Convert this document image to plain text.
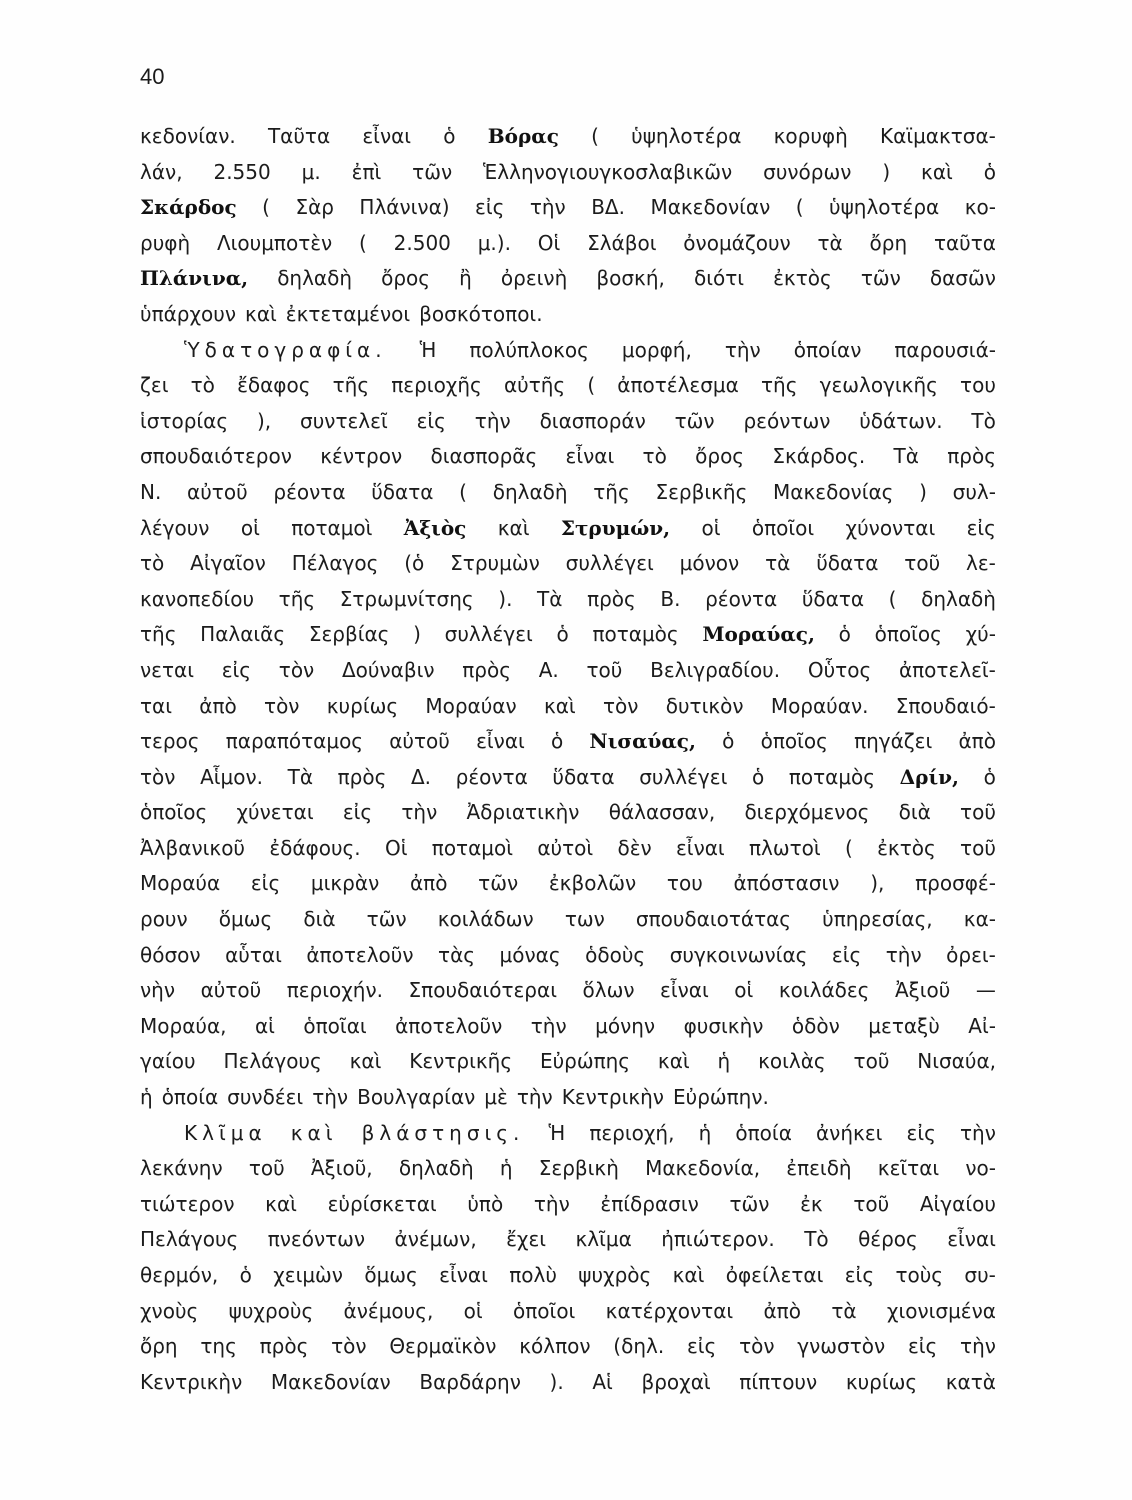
40
κεδονίαν. Ταῦτα εἶναι ὁ Βόρας ( ὑψηλοτέρα κορυφὴ Καϊμακτσα-
λάν, 2.550 μ. ἐπὶ τῶν Ἑλληνογιουγκοσλαβικῶν συνόρων ) καὶ ὁ
Σκάρδος ( Σὰρ Πλάνινα) εἰς τὴν ΒΔ. Μακεδονίαν ( ὑψηλοτέρα κο-
ρυφὴ Λιουμποτὲν ( 2.500 μ.). Οἱ Σλάβοι ὀνομάζουν τὰ ὄρη ταῦτα
Πλάνινα, δηλαδὴ ὄρος ἢ ὀρεινὴ βοσκή, διότι ἐκτὸς τῶν δασῶν
ὑπάρχουν καὶ ἐκτεταμένοι βοσκότοποι.
Ὑδατογραφία. Ἡ πολύπλοκος μορφή, τὴν ὁποίαν παρουσιά-
ζει τὸ ἔδαφος τῆς περιοχῆς αὐτῆς ( ἀποτέλεσμα τῆς γεωλογικῆς του
ἱστορίας ), συντελεῖ εἰς τὴν διασποράν τῶν ρεόντων ὑδάτων. Τὸ
σπουδαιότερον κέντρον διασπορᾶς εἶναι τὸ ὄρος Σκάρδος. Τὰ πρὸς
Ν. αὐτοῦ ρέοντα ὕδατα ( δηλαδὴ τῆς Σερβικῆς Μακεδονίας ) συλ-
λέγουν οἱ ποταμοὶ Ἀξιὸς καὶ Στρυμών, οἱ ὁποῖοι χύνονται εἰς
τὸ Αἰγαῖον Πέλαγος (ὁ Στρυμὼν συλλέγει μόνον τὰ ὕδατα τοῦ λε-
κανοπεδίου τῆς Στρωμνίτσης ). Τὰ πρὸς Β. ρέοντα ὕδατα ( δηλαδὴ
τῆς Παλαιᾶς Σερβίας ) συλλέγει ὁ ποταμὸς Μοραύας, ὁ ὁποῖος χύ-
νεται εἰς τὸν Δούναβιν πρὸς Α. τοῦ Βελιγραδίου. Οὗτος ἀποτελεῖ-
ται ἀπὸ τὸν κυρίως Μοραύαν καὶ τὸν δυτικὸν Μοραύαν. Σπουδαιό-
τερος παραπόταμος αὐτοῦ εἶναι ὁ Νισαύας, ὁ ὁποῖος πηγάζει ἀπὸ
τὸν Αἷμον. Τὰ πρὸς Δ. ρέοντα ὕδατα συλλέγει ὁ ποταμὸς Δρίν, ὁ
ὁποῖος χύνεται εἰς τὴν Ἀδριατικὴν θάλασσαν, διερχόμενος διὰ τοῦ
Ἀλβανικοῦ ἐδάφους. Οἱ ποταμοὶ αὐτοὶ δὲν εἶναι πλωτοὶ ( ἐκτὸς τοῦ
Μοραύα εἰς μικρὰν ἀπὸ τῶν ἐκβολῶν του ἀπόστασιν ), προσφέ-
ρουν ὅμως διὰ τῶν κοιλάδων των σπουδαιοτάτας ὑπηρεσίας, κα-
θόσον αὗται ἀποτελοῦν τὰς μόνας ὁδοὺς συγκοινωνίας εἰς τὴν ὀρει-
νὴν αὐτοῦ περιοχήν. Σπουδαιότεραι ὅλων εἶναι οἱ κοιλάδες Ἀξιοῦ —
Μοραύα, αἱ ὁποῖαι ἀποτελοῦν τὴν μόνην φυσικὴν ὁδὸν μεταξὺ Αἰ-
γαίου Πελάγους καὶ Κεντρικῆς Εὐρώπης καὶ ἡ κοιλὰς τοῦ Νισαύα,
ἡ ὁποία συνδέει τὴν Βουλγαρίαν μὲ τὴν Κεντρικὴν Εὐρώπην.
Κλῖμα καὶ βλάστησις. Ἡ περιοχή, ἡ ὁποία ἀνήκει εἰς τὴν
λεκάνην τοῦ Ἀξιοῦ, δηλαδὴ ἡ Σερβικὴ Μακεδονία, ἐπειδὴ κεῖται νο-
τιώτερον καὶ εὑρίσκεται ὑπὸ τὴν ἐπίδρασιν τῶν ἐκ τοῦ Αἰγαίου
Πελάγους πνεόντων ἀνέμων, ἔχει κλῖμα ἠπιώτερον. Τὸ θέρος εἶναι
θερμόν, ὁ χειμὼν ὅμως εἶναι πολὺ ψυχρὸς καὶ ὀφείλεται εἰς τοὺς συ-
χνοὺς ψυχροὺς ἀνέμους, οἱ ὁποῖοι κατέρχονται ἀπὸ τὰ χιονισμένα
ὄρη της πρὸς τὸν Θερμαϊκὸν κόλπον (δηλ. εἰς τὸν γνωστὸν εἰς τὴν
Κεντρικὴν Μακεδονίαν Βαρδάρην ). Αἱ βροχαὶ πίπτουν κυρίως κατὰ
